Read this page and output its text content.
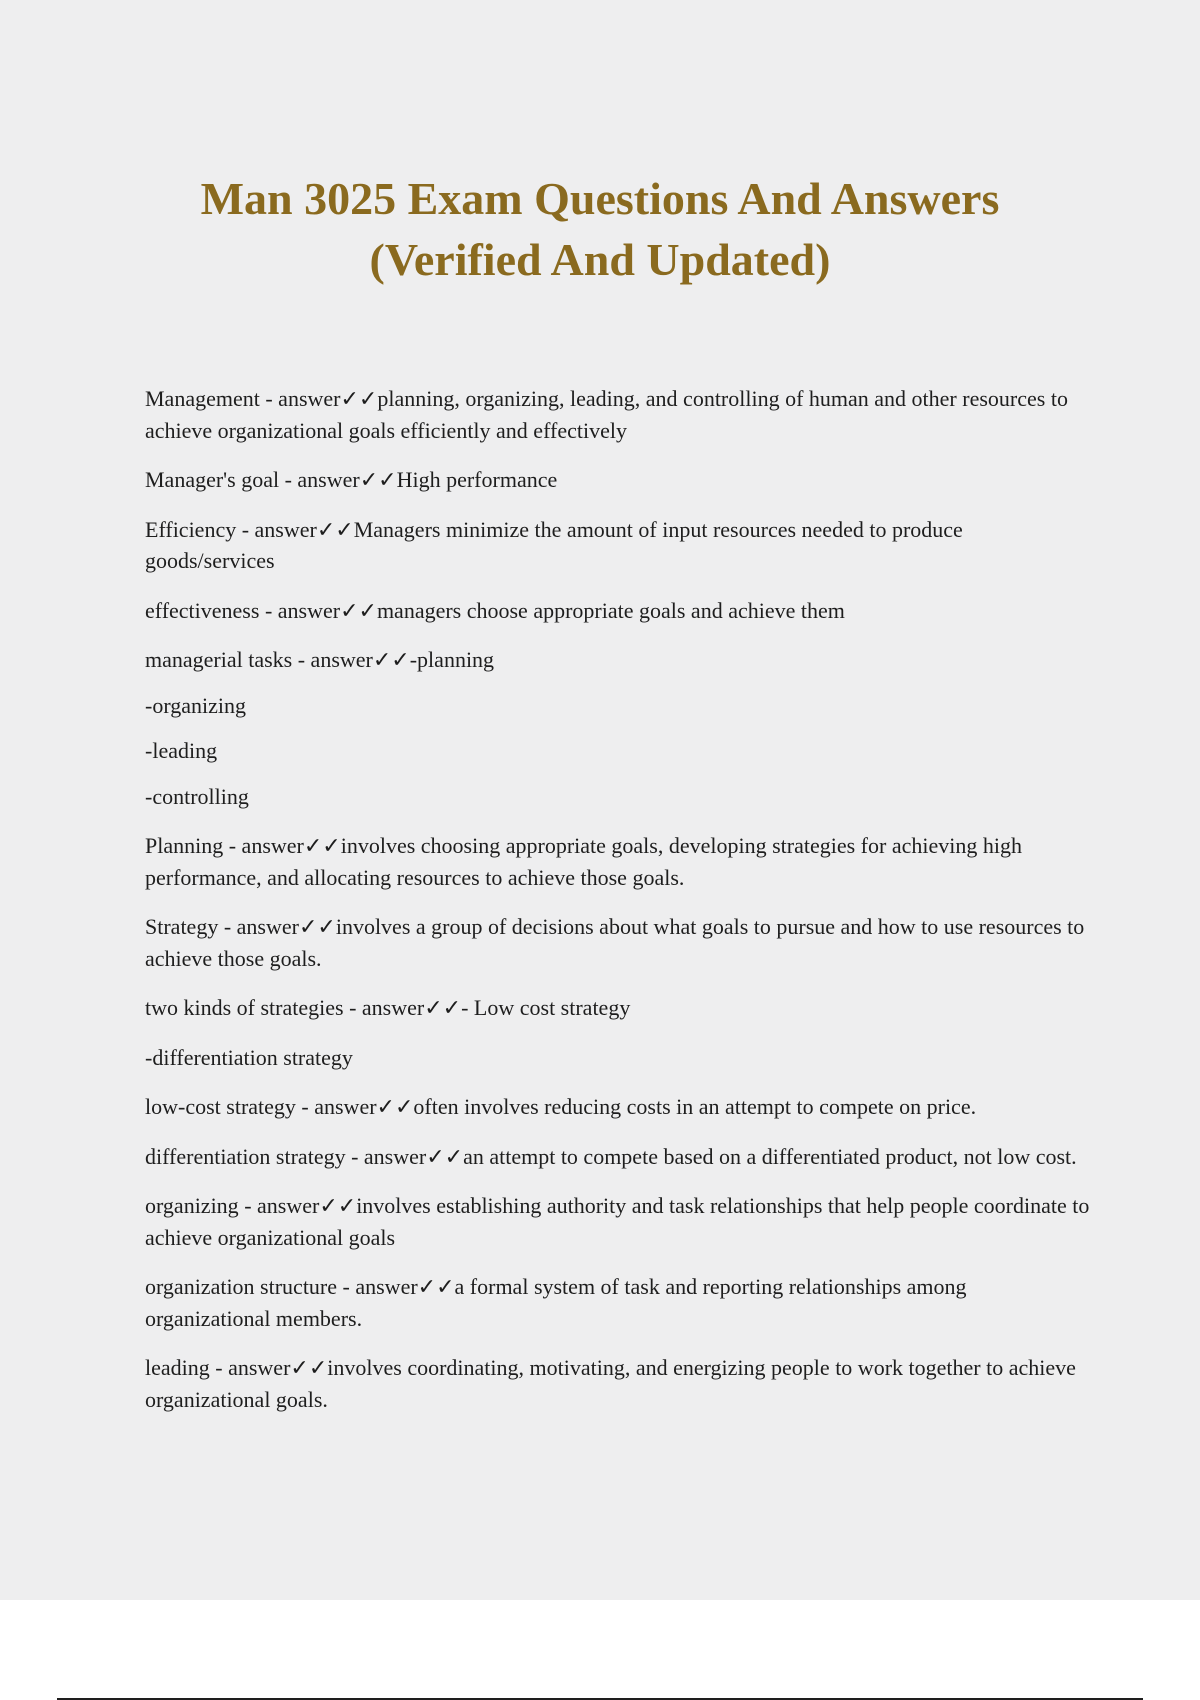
Man 3025 Exam Questions And Answers
(Verified And Updated)

Management - answer✓✓planning, organizing, leading, and controlling of human and other resources to achieve organizational goals efficiently and effectively

Manager's goal - answer✓✓High performance

Efficiency - answer✓✓Managers minimize the amount of input resources needed to produce goods/services

effectiveness - answer✓✓managers choose appropriate goals and achieve them

managerial tasks - answer✓✓-planning

-organizing

-leading

-controlling

Planning - answer✓✓involves choosing appropriate goals, developing strategies for achieving high performance, and allocating resources to achieve those goals.

Strategy - answer✓✓involves a group of decisions about what goals to pursue and how to use resources to achieve those goals.

two kinds of strategies - answer✓✓- Low cost strategy

-differentiation strategy

low-cost strategy - answer✓✓often involves reducing costs in an attempt to compete on price.

differentiation strategy - answer✓✓an attempt to compete based on a differentiated product, not low cost.

organizing - answer✓✓involves establishing authority and task relationships that help people coordinate to achieve organizational goals

organization structure - answer✓✓a formal system of task and reporting relationships among organizational members.

leading - answer✓✓involves coordinating, motivating, and energizing people to work together to achieve organizational goals.
